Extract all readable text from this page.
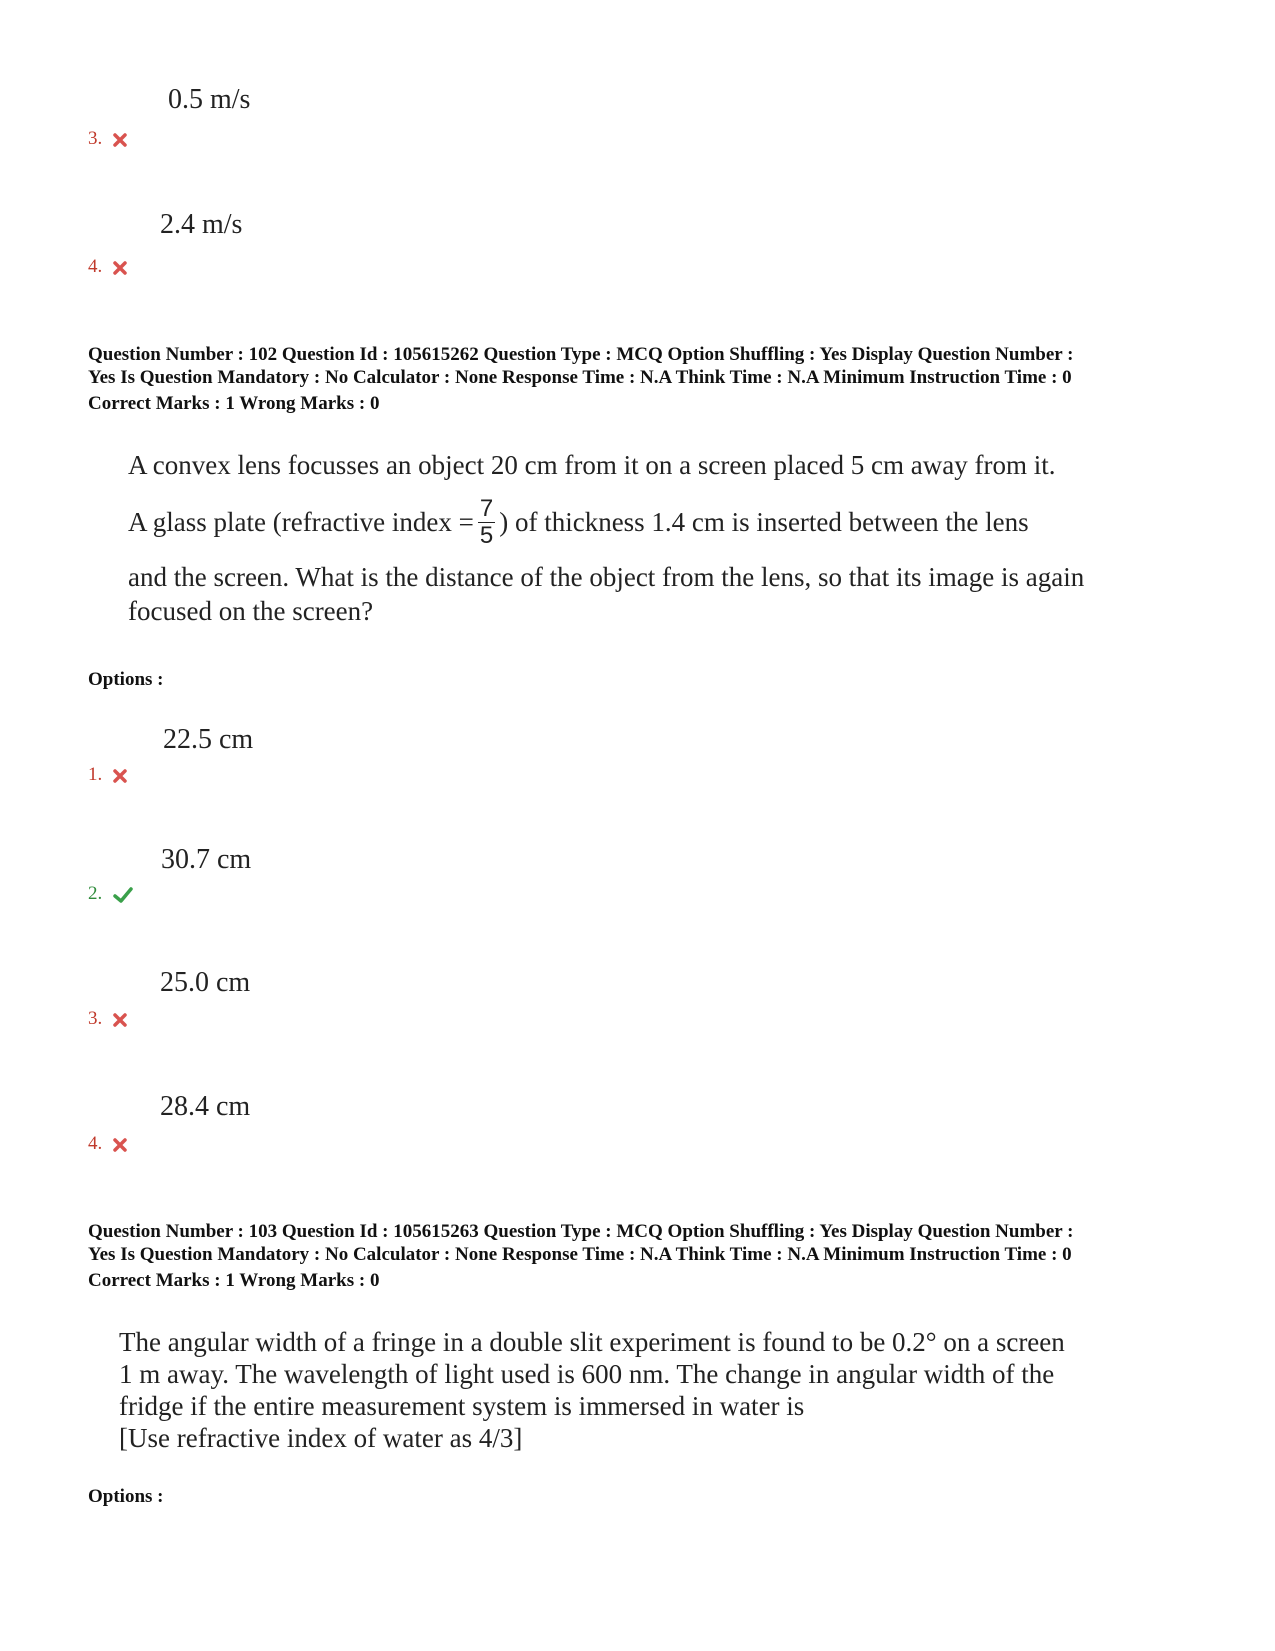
0.5 m/s
3.
2.4 m/s
4.
Question Number : 102 Question Id : 105615262 Question Type : MCQ Option Shuffling : Yes Display Question Number :
Yes Is Question Mandatory : No Calculator : None Response Time : N.A Think Time : N.A Minimum Instruction Time : 0
Correct Marks : 1 Wrong Marks : 0
A convex lens focusses an object 20 cm from it on a screen placed 5 cm away from it.
A glass plate (refractive index = $\frac{7}{5}$ ) of thickness 1.4 cm is inserted between the lens
and the screen. What is the distance of the object from the lens, so that its image is again
focused on the screen?
Options :
22.5 cm
1.
30.7 cm
2.
25.0 cm
3.
28.4 cm
4.
Question Number : 103 Question Id : 105615263 Question Type : MCQ Option Shuffling : Yes Display Question Number :
Yes Is Question Mandatory : No Calculator : None Response Time : N.A Think Time : N.A Minimum Instruction Time : 0
Correct Marks : 1 Wrong Marks : 0
The angular width of a fringe in a double slit experiment is found to be 0.2° on a screen
1 m away. The wavelength of light used is 600 nm. The change in angular width of the
fridge if the entire measurement system is immersed in water is
[Use refractive index of water as 4/3]
Options :
